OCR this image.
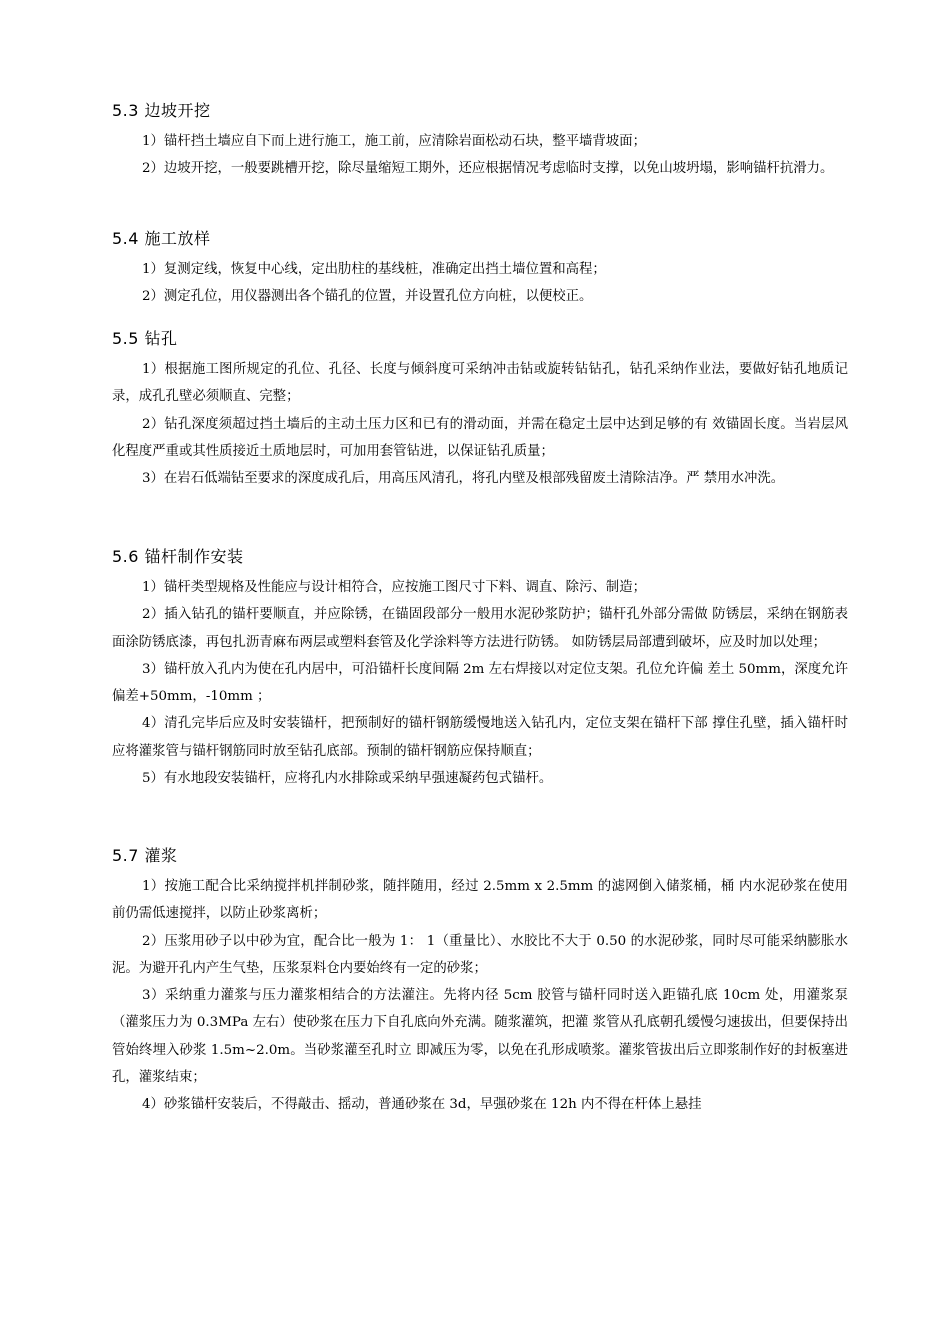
5.3 边坡开挖

1）锚杆挡土墙应自下而上进行施工，施工前，应清除岩面松动石块，整平墙背坡面；

2）边坡开挖，一般要跳槽开挖，除尽量缩短工期外，还应根据情况考虑临时支撑，以免山坡坍塌，影响锚杆抗滑力。

5.4 施工放样

1）复测定线，恢复中心线，定出肋柱的基线桩，准确定出挡土墙位置和高程；

2）测定孔位，用仪器测出各个锚孔的位置，并设置孔位方向桩，以便校正。

5.5 钻孔

1）根据施工图所规定的孔位、孔径、长度与倾斜度可采纳冲击钻或旋转钻钻孔，钻孔采纳作业法，要做好钻孔地质记录，成孔孔壁必须顺直、完整；

2）钻孔深度须超过挡土墙后的主动土压力区和已有的滑动面，并需在稳定土层中达到足够的有 效锚固长度。当岩层风化程度严重或其性质接近土质地层时，可加用套管钻进，以保证钻孔质量；

3）在岩石低端钻至要求的深度成孔后，用高压风清孔，将孔内壁及根部残留废土清除洁净。严 禁用水冲洗。

5.6 锚杆制作安装

1）锚杆类型规格及性能应与设计相符合，应按施工图尺寸下料、调直、除污、制造；

2）插入钻孔的锚杆要顺直，并应除锈，在锚固段部分一般用水泥砂浆防护；锚杆孔外部分需做 防锈层，采纳在钢筋表面涂防锈底漆，再包扎沥青麻布两层或塑料套管及化学涂料等方法进行防锈。 如防锈层局部遭到破坏，应及时加以处理；

3）锚杆放入孔内为使在孔内居中，可沿锚杆长度间隔 2m 左右焊接以对定位支架。孔位允许偏 差土 50mm，深度允许偏差+50mm，-10mm ；

4）清孔完毕后应及时安装锚杆，把预制好的锚杆钢筋缓慢地送入钻孔内，定位支架在锚杆下部 撑住孔壁，插入锚杆时应将灌浆管与锚杆钢筋同时放至钻孔底部。预制的锚杆钢筋应保持顺直；

5）有水地段安装锚杆，应将孔内水排除或采纳早强速凝药包式锚杆。

5.7 灌浆

1）按施工配合比采纳搅拌机拌制砂浆，随拌随用，经过 2.5mm x 2.5mm 的滤网倒入储浆桶，桶 内水泥砂浆在使用前仍需低速搅拌，以防止砂浆离析；

2）压浆用砂子以中砂为宜，配合比一般为 1： 1（重量比）、水胶比不大于 0.50 的水泥砂浆，同时尽可能采纳膨胀水泥。为避开孔内产生气垫，压浆泵料仓内要始终有一定的砂浆；

3）采纳重力灌浆与压力灌浆相结合的方法灌注。先将内径 5cm 胶管与锚杆同时送入距锚孔底 10cm 处，用灌浆泵（灌浆压力为 0.3MPa 左右）使砂浆在压力下自孔底向外充满。随浆灌筑，把灌 浆管从孔底朝孔缓慢匀速拔出，但要保持出管始终埋入砂浆 1.5m~2.0m。当砂浆灌至孔时立 即减压为零，以免在孔形成喷浆。灌浆管拔出后立即浆制作好的封板塞进孔，灌浆结束；

4）砂浆锚杆安装后，不得敲击、摇动，普通砂浆在 3d，早强砂浆在 12h 内不得在杆体上悬挂
